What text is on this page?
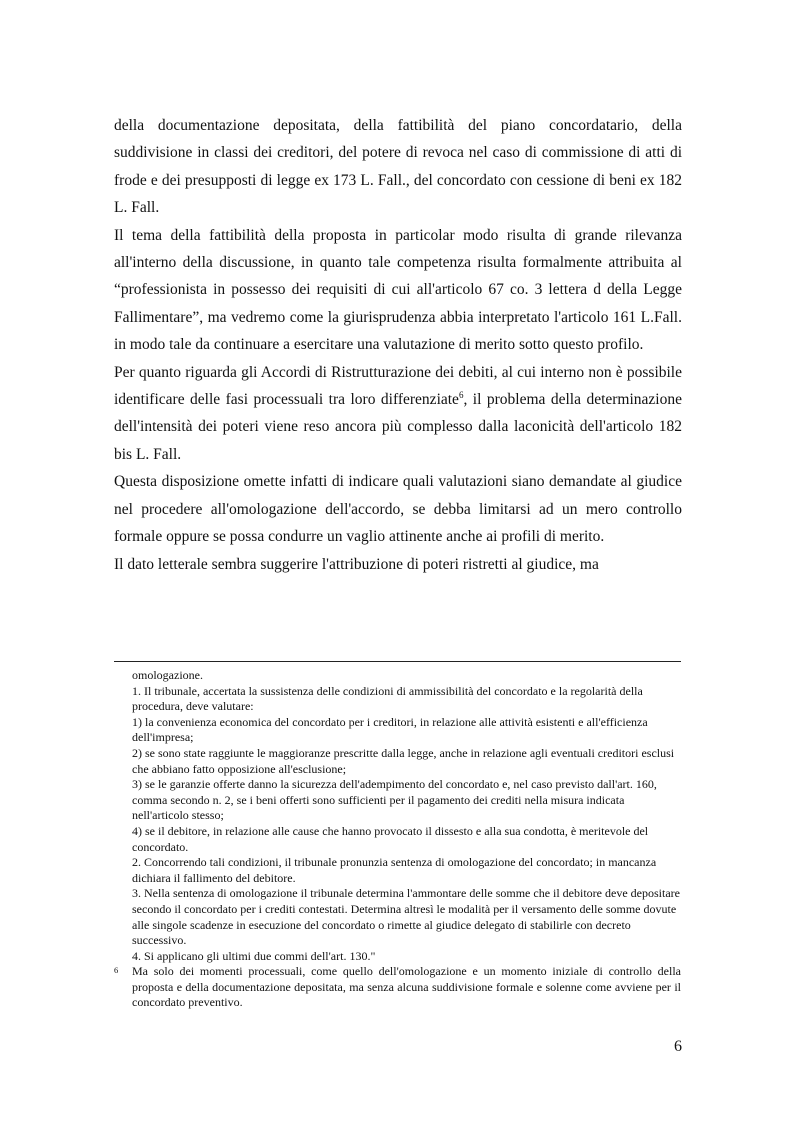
della documentazione depositata, della fattibilità del piano concordatario, della suddivisione in classi dei creditori, del potere di revoca nel caso di commissione di atti di frode e dei presupposti di legge ex 173 L. Fall., del concordato con cessione di beni ex 182 L. Fall.

Il tema della fattibilità della proposta in particolar modo risulta di grande rilevanza all'interno della discussione, in quanto tale competenza risulta formalmente attribuita al “professionista in possesso dei requisiti di cui all'articolo 67 co. 3 lettera d della Legge Fallimentare”, ma vedremo come la giurisprudenza abbia interpretato l'articolo 161 L.Fall. in modo tale da continuare a esercitare una valutazione di merito sotto questo profilo.

Per quanto riguarda gli Accordi di Ristrutturazione dei debiti, al cui interno non è possibile identificare delle fasi processuali tra loro differenziate$^6$, il problema della determinazione dell'intensità dei poteri viene reso ancora più complesso dalla laconicità dell'articolo 182 bis L. Fall.

Questa disposizione omette infatti di indicare quali valutazioni siano demandate al giudice nel procedere all'omologazione dell'accordo, se debba limitarsi ad un mero controllo formale oppure se possa condurre un vaglio attinente anche ai profili di merito.

Il dato letterale sembra suggerire l'attribuzione di poteri ristretti al giudice, ma

omologazione.
1. Il tribunale, accertata la sussistenza delle condizioni di ammissibilità del concordato e la regolarità della procedura, deve valutare:
1) la convenienza economica del concordato per i creditori, in relazione alle attività esistenti e all'efficienza dell'impresa;
2) se sono state raggiunte le maggioranze prescritte dalla legge, anche in relazione agli eventuali creditori esclusi che abbiano fatto opposizione all'esclusione;
3) se le garanzie offerte danno la sicurezza dell'adempimento del concordato e, nel caso previsto dall'art. 160, comma secondo n. 2, se i beni offerti sono sufficienti per il pagamento dei crediti nella misura indicata nell'articolo stesso;
4) se il debitore, in relazione alle cause che hanno provocato il dissesto e alla sua condotta, è meritevole del concordato.
2. Concorrendo tali condizioni, il tribunale pronunzia sentenza di omologazione del concordato; in mancanza dichiara il fallimento del debitore.
3. Nella sentenza di omologazione il tribunale determina l'ammontare delle somme che il debitore deve depositare secondo il concordato per i crediti contestati. Determina altresì le modalità per il versamento delle somme dovute alle singole scadenze in esecuzione del concordato o rimette al giudice delegato di stabilirle con decreto successivo.
4. Si applicano gli ultimi due commi dell'art. 130."
6	Ma solo dei momenti processuali, come quello dell'omologazione e un momento iniziale di controllo della proposta e della documentazione depositata, ma senza alcuna suddivisione formale e solenne come avviene per il concordato preventivo.
6
